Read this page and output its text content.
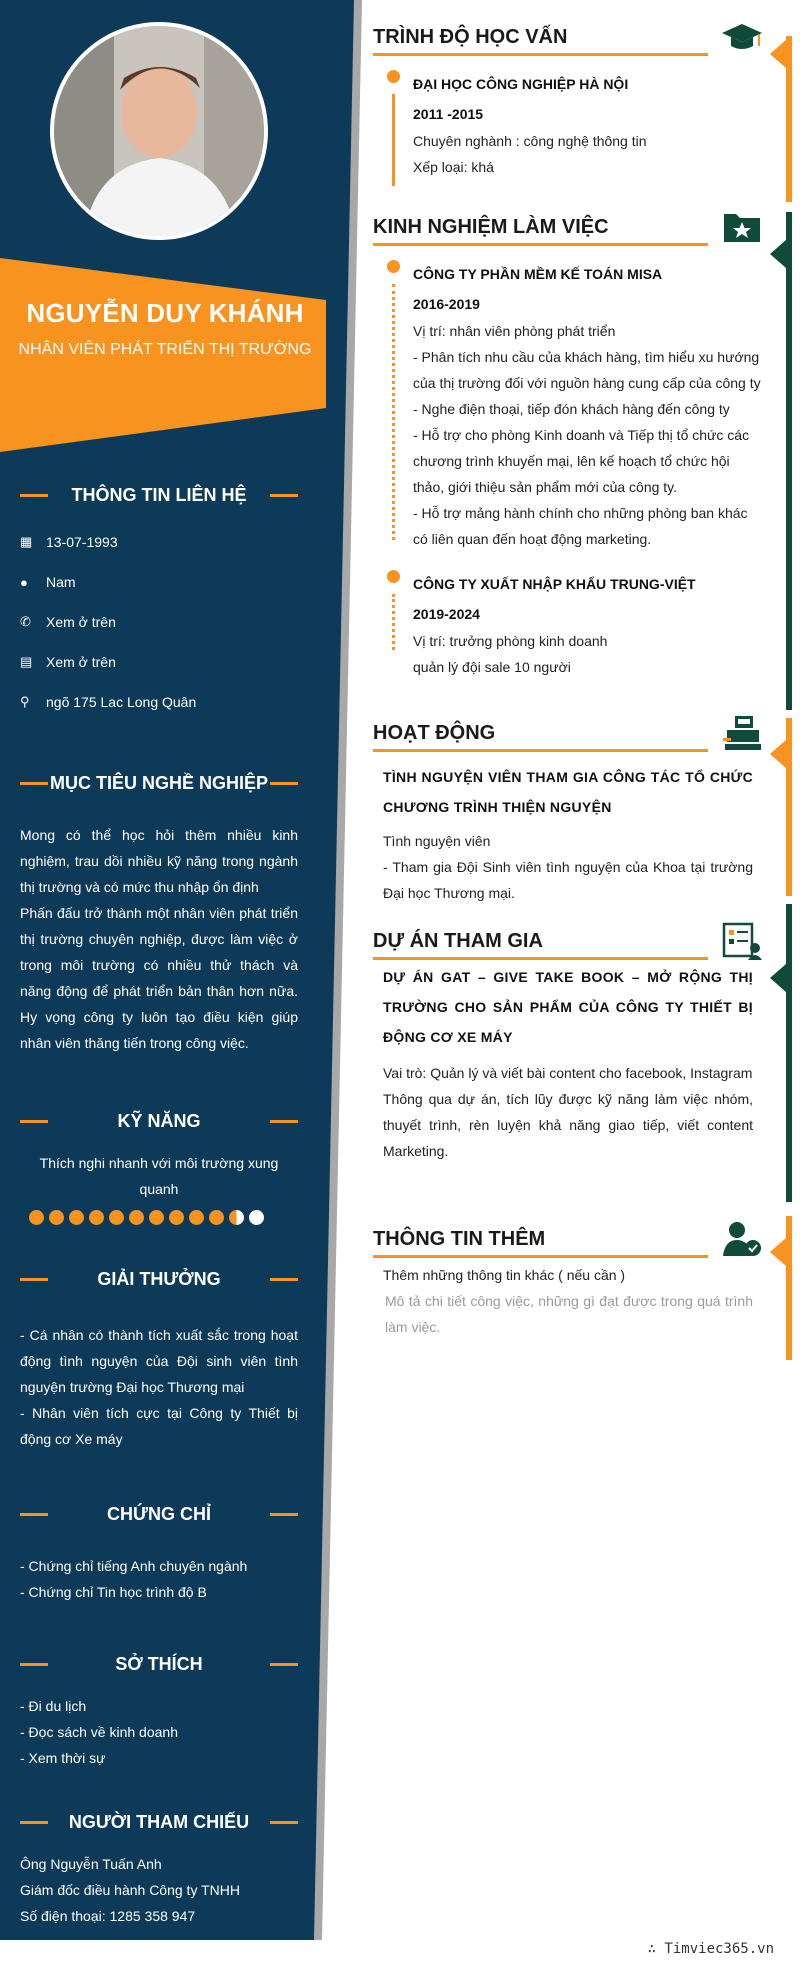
NGUYỄN DUY KHÁNH
NHÂN VIÊN PHÁT TRIỂN THỊ TRƯỜNG
THÔNG TIN LIÊN HỆ
▦ 13-07-1993
●	Nam
✆	Xem ở trên
▤ Xem ở trên
⚲	ngõ 175 Lac Long Quân
MỤC TIÊU NGHỀ NGHIỆP
Mong có thể học hỏi thêm nhiều kinh nghiệm, trau dồi nhiều kỹ năng trong ngành thị trường và có mức thu nhập ổn định
Phấn đấu trở thành một nhân viên phát triển thị trường chuyên nghiệp, được làm việc ở trong môi trường có nhiều thử thách và năng động để phát triển bản thân hơn nữa. Hy vọng công ty luôn tạo điều kiện giúp nhân viên thăng tiến trong công việc.
KỸ NĂNG
Thích nghi nhanh với môi trường xung quanh
GIẢI THƯỞNG
- Cá nhân có thành tích xuất sắc trong hoạt động tình nguyện của Đội sinh viên tình nguyện trường Đại học Thương mại
- Nhân viên tích cực tại Công ty Thiết bị động cơ Xe máy
CHỨNG CHỈ
- Chứng chỉ tiếng Anh chuyên ngành
- Chứng chỉ Tin học trình độ B
SỞ THÍCH
- Đi du lịch
- Đọc sách về kinh doanh
- Xem thời sự
NGƯỜI THAM CHIẾU
Ông Nguyễn Tuấn Anh
Giám đốc điều hành Công ty TNHH
Số điện thoại: 1285 358 947
TRÌNH ĐỘ HỌC VẤN
ĐẠI HỌC CÔNG NGHIỆP HÀ NỘI
2011 -2015
Chuyên nghành : công nghệ thông tin
Xếp loại: khá
KINH NGHIỆM LÀM VIỆC
CÔNG TY PHẦN MỀM KẾ TOÁN MISA
2016-2019
Vị trí: nhân viên phòng phát triển
- Phân tích nhu cầu của khách hàng, tìm hiểu xu hướng của thị trường đối với nguồn hàng cung cấp của công ty
- Nghe điện thoại, tiếp đón khách hàng đến công ty
- Hỗ trợ cho phòng Kinh doanh và Tiếp thị tổ chức các chương trình khuyến mại, lên kế hoạch tổ chức hội thảo, giới thiệu sản phẩm mới của công ty.
- Hỗ trợ mảng hành chính cho những phòng ban khác có liên quan đến hoạt động marketing.
CÔNG TY XUẤT NHẬP KHẨU TRUNG-VIỆT
2019-2024
Vị trí: trưởng phòng kinh doanh
quản lý đội sale 10 người
HOẠT ĐỘNG
TÌNH NGUYỆN VIÊN THAM GIA CÔNG TÁC TỔ CHỨC CHƯƠNG TRÌNH THIỆN NGUYỆN
Tình nguyện viên
- Tham gia Đội Sinh viên tình nguyện của Khoa tại trường Đại học Thương mại.
DỰ ÁN THAM GIA
DỰ ÁN GAT – GIVE TAKE BOOK – MỞ RỘNG THỊ TRƯỜNG CHO SẢN PHẨM CỦA CÔNG TY THIẾT BỊ ĐỘNG CƠ XE MÁY
Vai trò: Quản lý và viết bài content cho facebook, Instagram
Thông qua dự án, tích lũy được kỹ năng làm việc nhóm, thuyết trình, rèn luyện khả năng giao tiếp, viết content Marketing.
THÔNG TIN THÊM
Thêm những thông tin khác ( nếu cần )
Mô tả chi tiết công việc, những gì đạt được trong quá trình làm việc.
∴ Timviec365.vn
